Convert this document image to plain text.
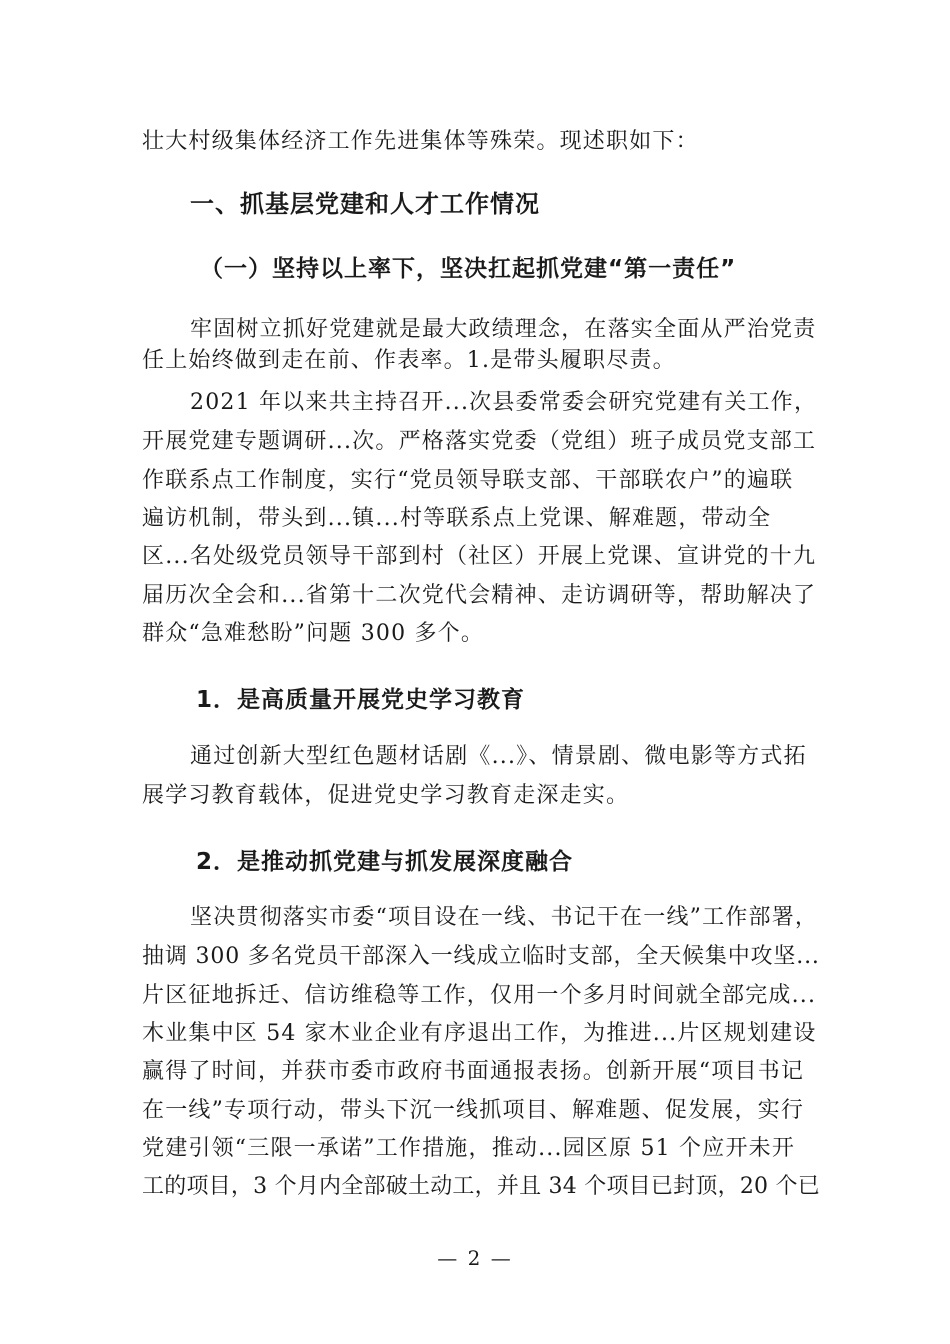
壮大村级集体经济工作先进集体等殊荣。现述职如下：
一、抓基层党建和人才工作情况
（一）坚持以上率下，坚决扛起抓党建“第一责任”
牢固树立抓好党建就是最大政绩理念，在落实全面从严治党责
任上始终做到走在前、作表率。1.是带头履职尽责。
2021 年以来共主持召开...次县委常委会研究党建有关工作，
开展党建专题调研...次。严格落实党委（党组）班子成员党支部工
作联系点工作制度，实行“党员领导联支部、干部联农户”的遍联
遍访机制，带头到...镇...村等联系点上党课、解难题，带动全
区...名处级党员领导干部到村（社区）开展上党课、宣讲党的十九
届历次全会和...省第十二次党代会精神、走访调研等，帮助解决了
群众“急难愁盼”问题 300 多个。
1．是高质量开展党史学习教育
通过创新大型红色题材话剧《...》、情景剧、微电影等方式拓
展学习教育载体，促进党史学习教育走深走实。
2．是推动抓党建与抓发展深度融合
坚决贯彻落实市委“项目设在一线、书记干在一线”工作部署，
抽调 300 多名党员干部深入一线成立临时支部，全天候集中攻坚...
片区征地拆迁、信访维稳等工作，仅用一个多月时间就全部完成...
木业集中区 54 家木业企业有序退出工作，为推进...片区规划建设
赢得了时间，并获市委市政府书面通报表扬。创新开展“项目书记
在一线”专项行动，带头下沉一线抓项目、解难题、促发展，实行
党建引领“三限一承诺”工作措施，推动...园区原 51 个应开未开
工的项目，3 个月内全部破土动工，并且 34 个项目已封顶，20 个已
— 2 —
